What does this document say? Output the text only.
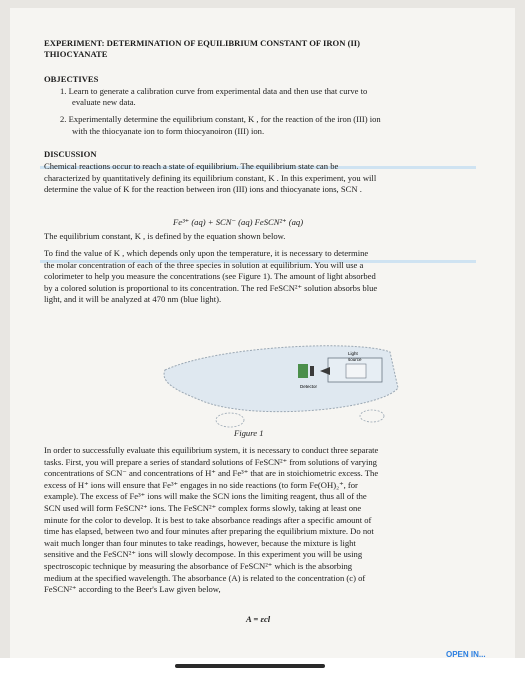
EXPERIMENT: DETERMINATION OF EQUILIBRIUM CONSTANT OF IRON (II)

THIOCYANATE

OBJECTIVES

1. Learn to generate a calibration curve from experimental data and then use that curve to

evaluate new data.

2. Experimentally determine the equilibrium constant, K , for the reaction of the iron (III) ion

with the thiocyanate ion to form thiocyanoiron (III) ion.

DISCUSSION

Chemical reactions occur to reach a state of equilibrium. The equilibrium state can be
characterized by quantitatively defining its equilibrium constant, K . In this experiment, you will
determine the value of K for the reaction between iron (III) ions and thiocyanate ions, SCN .

Fe³⁺ (aq) + SCN⁻ (aq) FeSCN²⁺ (aq)

The equilibrium constant, K , is defined by the equation shown below.

To find the value of K , which depends only upon the temperature, it is necessary to determine
the molar concentration of each of the three species in solution at equilibrium. You will use a
colorimeter to help you measure the concentrations (see Figure 1). The amount of light absorbed
by a colored solution is proportional to its concentration. The red FeSCN²⁺ solution absorbs blue
light, and it will be analyzed at 470 nm (blue light).
Light
source
Detector

Figure 1

In order to successfully evaluate this equilibrium system, it is necessary to conduct three separate
tasks. First, you will prepare a series of standard solutions of FeSCN²⁺ from solutions of varying
concentrations of SCN⁻ and concentrations of H⁺ and Fe³⁺ that are in stoichiometric excess. The
excess of H⁺ ions will ensure that Fe³⁺ engages in no side reactions (to form Fe(OH)₂⁺, for
example). The excess of Fe³⁺ ions will make the SCN ions the limiting reagent, thus all of the
SCN used will form FeSCN²⁺ ions. The FeSCN²⁺ complex forms slowly, taking at least one
minute for the color to develop. It is best to take absorbance readings after a specific amount of
time has elapsed, between two and four minutes after preparing the equilibrium mixture. Do not
wait much longer than four minutes to take readings, however, because the mixture is light
sensitive and the FeSCN²⁺ ions will slowly decompose. In this experiment you will be using
spectroscopic technique by measuring the absorbance of FeSCN²⁺ which is the absorbing
medium at the specified wavelength. The absorbance (A) is related to the concentration (c) of
FeSCN²⁺ according to the Beer's Law given below,

A = εcl

OPEN IN...
